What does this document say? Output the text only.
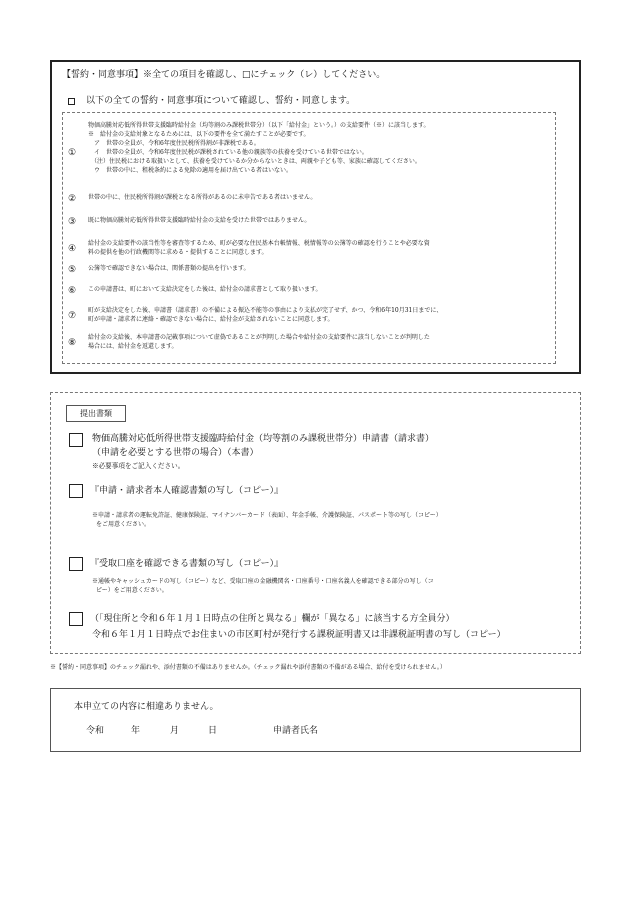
【誓約・同意事項】※全ての項目を確認し、□にチェック（レ）してください。
以下の全ての誓約・同意事項について確認し、誓約・同意します。
①
物価高騰対応低所得世帯支援臨時給付金（均等割のみ課税世帯分）（以下「給付金」という。）の支給要件（※）に該当します。
※　給付金の支給対象となるためには、以下の要件を全て満たすことが必要です。
　ア　世帯の全員が、令和6年度住民税所得割が非課税である。
　イ　世帯の全員が、令和6年度住民税が課税されている他の親族等の扶養を受けている世帯ではない。
　（注）住民税における取扱いとして、扶養を受けているか分からないときは、両親や子ども等、家族に確認してください。
　ウ　世帯の中に、租税条約による免除の適用を届け出ている者はいない。
② 世帯の中に、住民税所得割が課税となる所得があるのに未申告である者はいません。
③ 既に物価高騰対応低所得世帯支援臨時給付金の支給を受けた世帯ではありません。
④
給付金の支給要件の該当性等を審査等するため、町が必要な住民基本台帳情報、税情報等の公簿等の確認を行うことや必要な資
料の提供を他の行政機関等に求める・提供することに同意します。
⑤ 公簿等で確認できない場合は、関係書類の提出を行います。
⑥ この申請書は、町において支給決定をした後は、給付金の請求書として取り扱います。
⑦
町が支給決定をした後、申請書（請求書）の不備による振込不能等の事由により支払が完了せず、かつ、令和6年10月31日までに、
町が申請・請求者に連絡・確認できない場合に、給付金が支給されないことに同意します。
⑧
給付金の支給後、本申請書の記載事項について虚偽であることが判明した場合や給付金の支給要件に該当しないことが判明した
場合には、給付金を返還します。
提出書類
物価高騰対応低所得世帯支援臨時給付金（均等割のみ課税世帯分）申請書（請求書）
（申請を必要とする世帯の場合）（本書）
※必要事項をご記入ください。
『申請・請求者本人確認書類の写し（コピー）』
※申請・請求者の運転免許証、健康保険証、マイナンバーカード（表面）、年金手帳、介護保険証、パスポート等の写し（コピー）
をご用意ください。
『受取口座を確認できる書類の写し（コピー）』
※通帳やキャッシュカードの写し（コピー）など、受取口座の金融機関名・口座番号・口座名義人を確認できる部分の写し（コ
ピー）をご用意ください。
（「現住所と令和６年１月１日時点の住所と異なる」欄が「異なる」に該当する方全員分）
令和６年１月１日時点でお住まいの市区町村が発行する課税証明書又は非課税証明書の写し（コピー）
※【誓約・同意事項】のチェック漏れや、添付書類の不備はありませんか。（チェック漏れや添付書類の不備がある場合、給付を受けられません。）
本申立ての内容に相違ありません。
令和	年	月	日	申請者氏名
